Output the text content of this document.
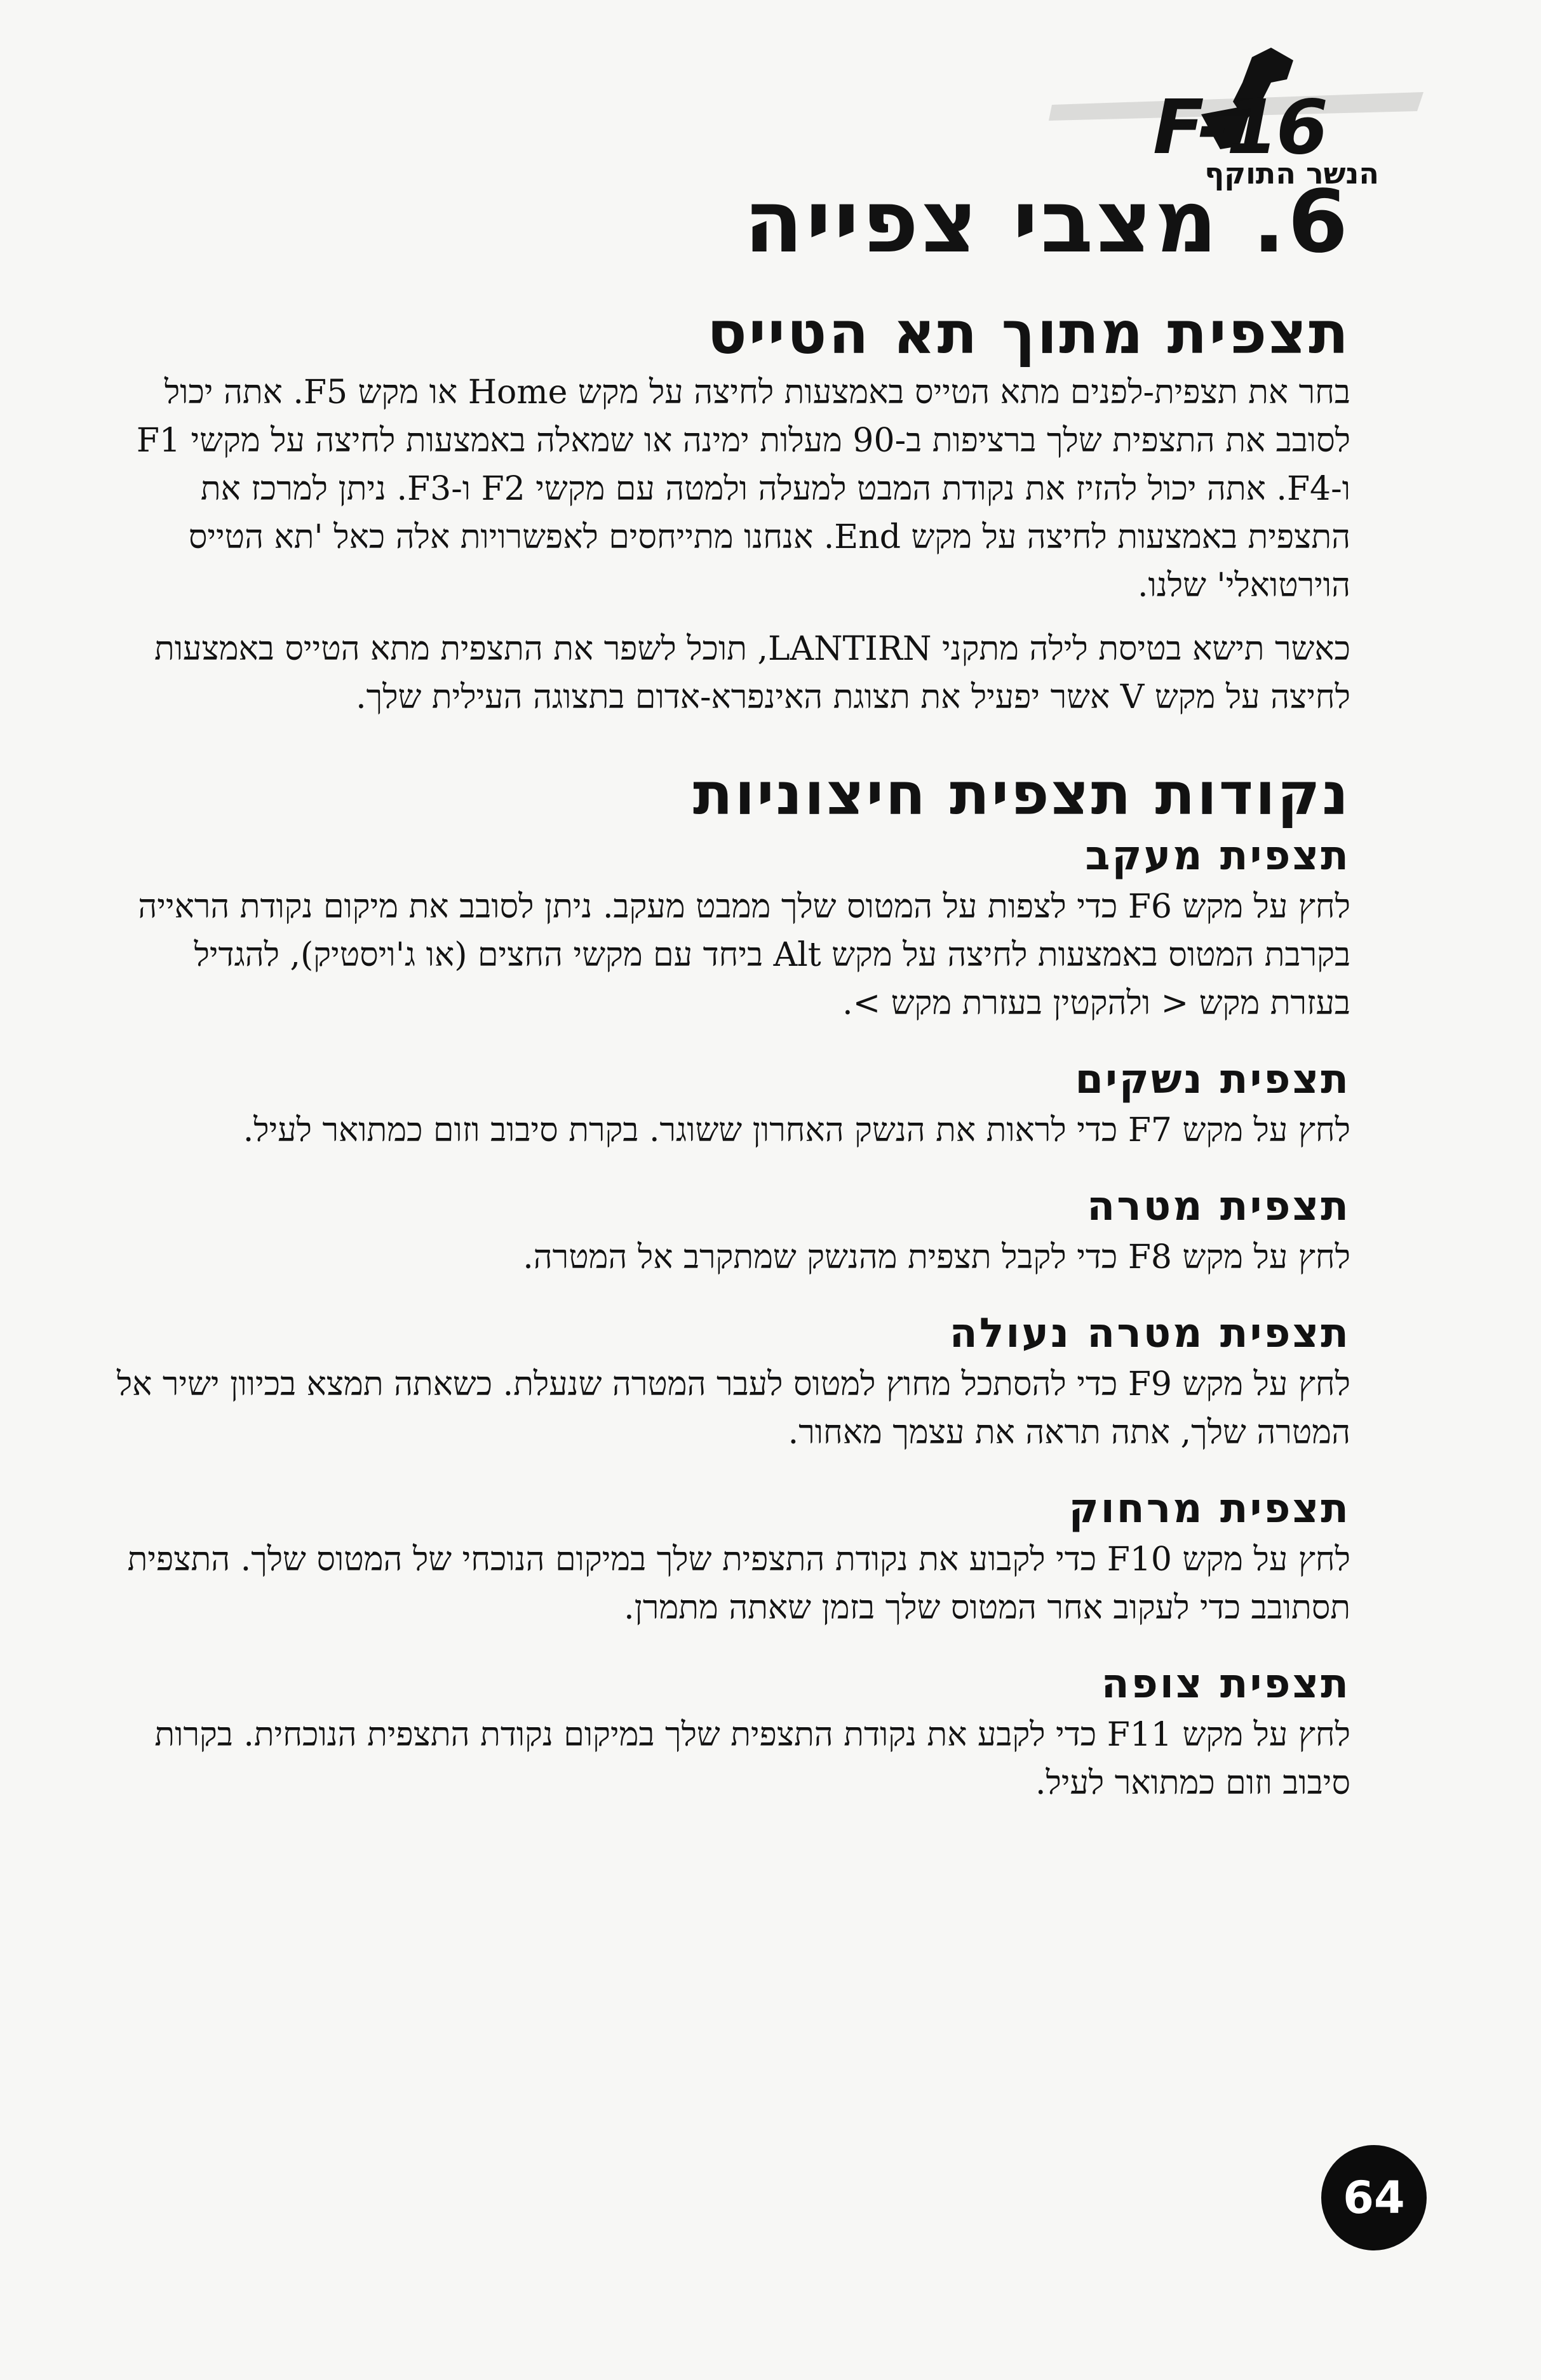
F-16
הנשר התוקף
6. מצבי צפייה
תצפית מתוך תא הטייס

בחר את תצפית-לפנים מתא הטייס באמצעות לחיצה על מקש Home או מקש F5. אתה יכול לסובב את התצפית שלך ברציפות ב-90 מעלות ימינה או שמאלה באמצעות לחיצה על מקשי F1 ו-F4. אתה יכול להזיז את נקודת המבט למעלה ולמטה עם מקשי F2 ו-F3. ניתן למרכז את התצפית באמצעות לחיצה על מקש End. אנחנו מתייחסים לאפשרויות אלה כאל 'תא הטייס הוירטואלי' שלנו.

כאשר תישא בטיסת לילה מתקני LANTIRN, תוכל לשפר את התצפית מתא הטייס באמצעות לחיצה על מקש V אשר יפעיל את תצוגת האינפרא-אדום בתצוגה העילית שלך.

נקודות תצפית חיצוניות
תצפית מעקב

לחץ על מקש F6 כדי לצפות על המטוס שלך ממבט מעקב. ניתן לסובב את מיקום נקודת הראייה בקרבת המטוס באמצעות לחיצה על מקש Alt ביחד עם מקשי החצים (או ג'ויסטיק), להגדיל בעזרת מקש < ולהקטין בעזרת מקש >.

תצפית נשקים

לחץ על מקש F7 כדי לראות את הנשק האחרון ששוגר. בקרת סיבוב וזום כמתואר לעיל.

תצפית מטרה

לחץ על מקש F8 כדי לקבל תצפית מהנשק שמתקרב אל המטרה.

תצפית מטרה נעולה

לחץ על מקש F9 כדי להסתכל מחוץ למטוס לעבר המטרה שנעלת. כשאתה תמצא בכיוון ישיר אל המטרה שלך, אתה תראה את עצמך מאחור.

תצפית מרחוק

לחץ על מקש F10 כדי לקבוע את נקודת התצפית שלך במיקום הנוכחי של המטוס שלך. התצפית תסתובב כדי לעקוב אחר המטוס שלך בזמן שאתה מתמרן.

תצפית צופה

לחץ על מקש F11 כדי לקבע את נקודת התצפית שלך במיקום נקודת התצפית הנוכחית. בקרות סיבוב וזום כמתואר לעיל.

64
